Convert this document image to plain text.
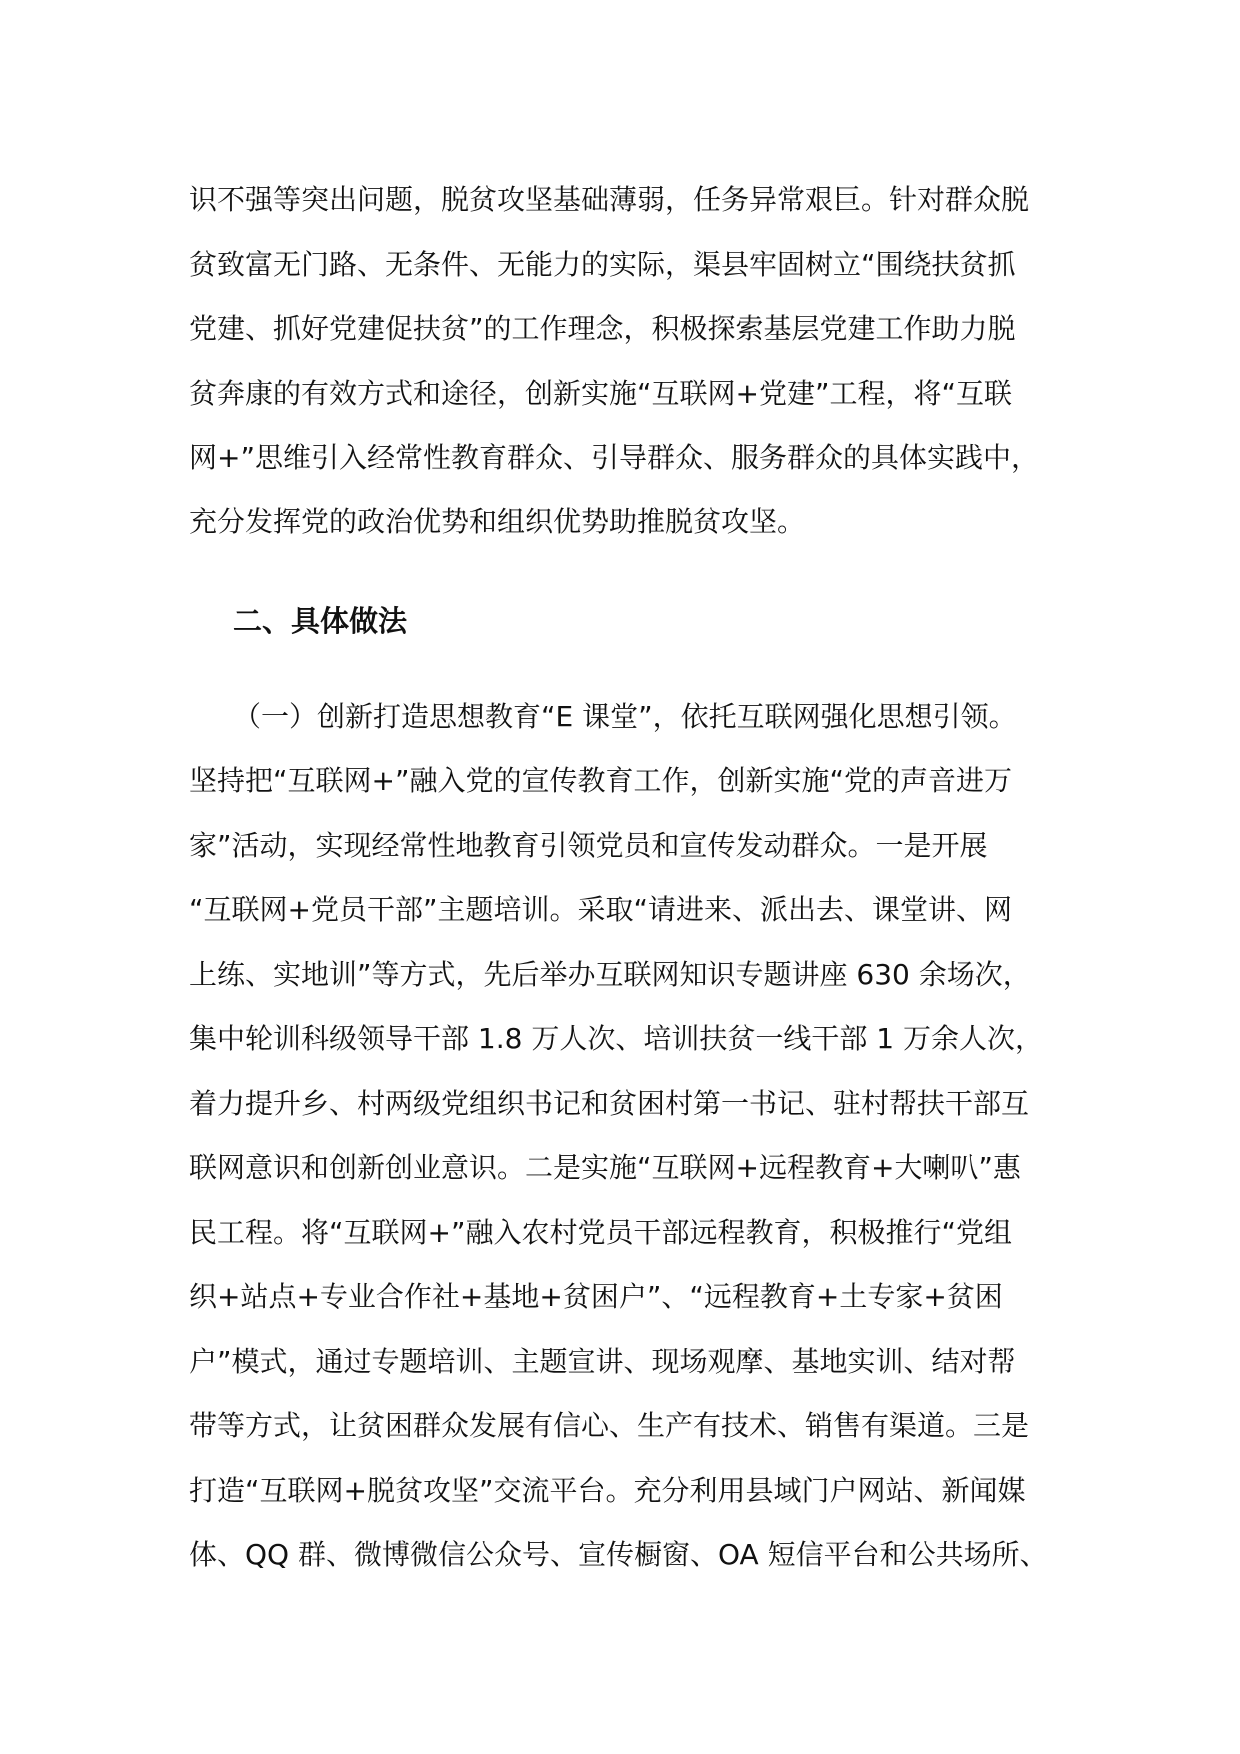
识不强等突出问题，脱贫攻坚基础薄弱，任务异常艰巨。针对群众脱
贫致富无门路、无条件、无能力的实际，渠县牢固树立“围绕扶贫抓
党建、抓好党建促扶贫”的工作理念，积极探索基层党建工作助力脱
贫奔康的有效方式和途径，创新实施“互联网+党建”工程，将“互联
网+”思维引入经常性教育群众、引导群众、服务群众的具体实践中，
充分发挥党的政治优势和组织优势助推脱贫攻坚。
二、具体做法
（一）创新打造思想教育“E 课堂”，依托互联网强化思想引领。
坚持把“互联网+”融入党的宣传教育工作，创新实施“党的声音进万
家”活动，实现经常性地教育引领党员和宣传发动群众。一是开展
“互联网+党员干部”主题培训。采取“请进来、派出去、课堂讲、网
上练、实地训”等方式，先后举办互联网知识专题讲座 630 余场次，
集中轮训科级领导干部 1.8 万人次、培训扶贫一线干部 1 万余人次，
着力提升乡、村两级党组织书记和贫困村第一书记、驻村帮扶干部互
联网意识和创新创业意识。二是实施“互联网+远程教育+大喇叭”惠
民工程。将“互联网+”融入农村党员干部远程教育，积极推行“党组
织+站点+专业合作社+基地+贫困户”、“远程教育+土专家+贫困
户”模式，通过专题培训、主题宣讲、现场观摩、基地实训、结对帮
带等方式，让贫困群众发展有信心、生产有技术、销售有渠道。三是
打造“互联网+脱贫攻坚”交流平台。充分利用县域门户网站、新闻媒
体、QQ 群、微博微信公众号、宣传橱窗、OA 短信平台和公共场所、
